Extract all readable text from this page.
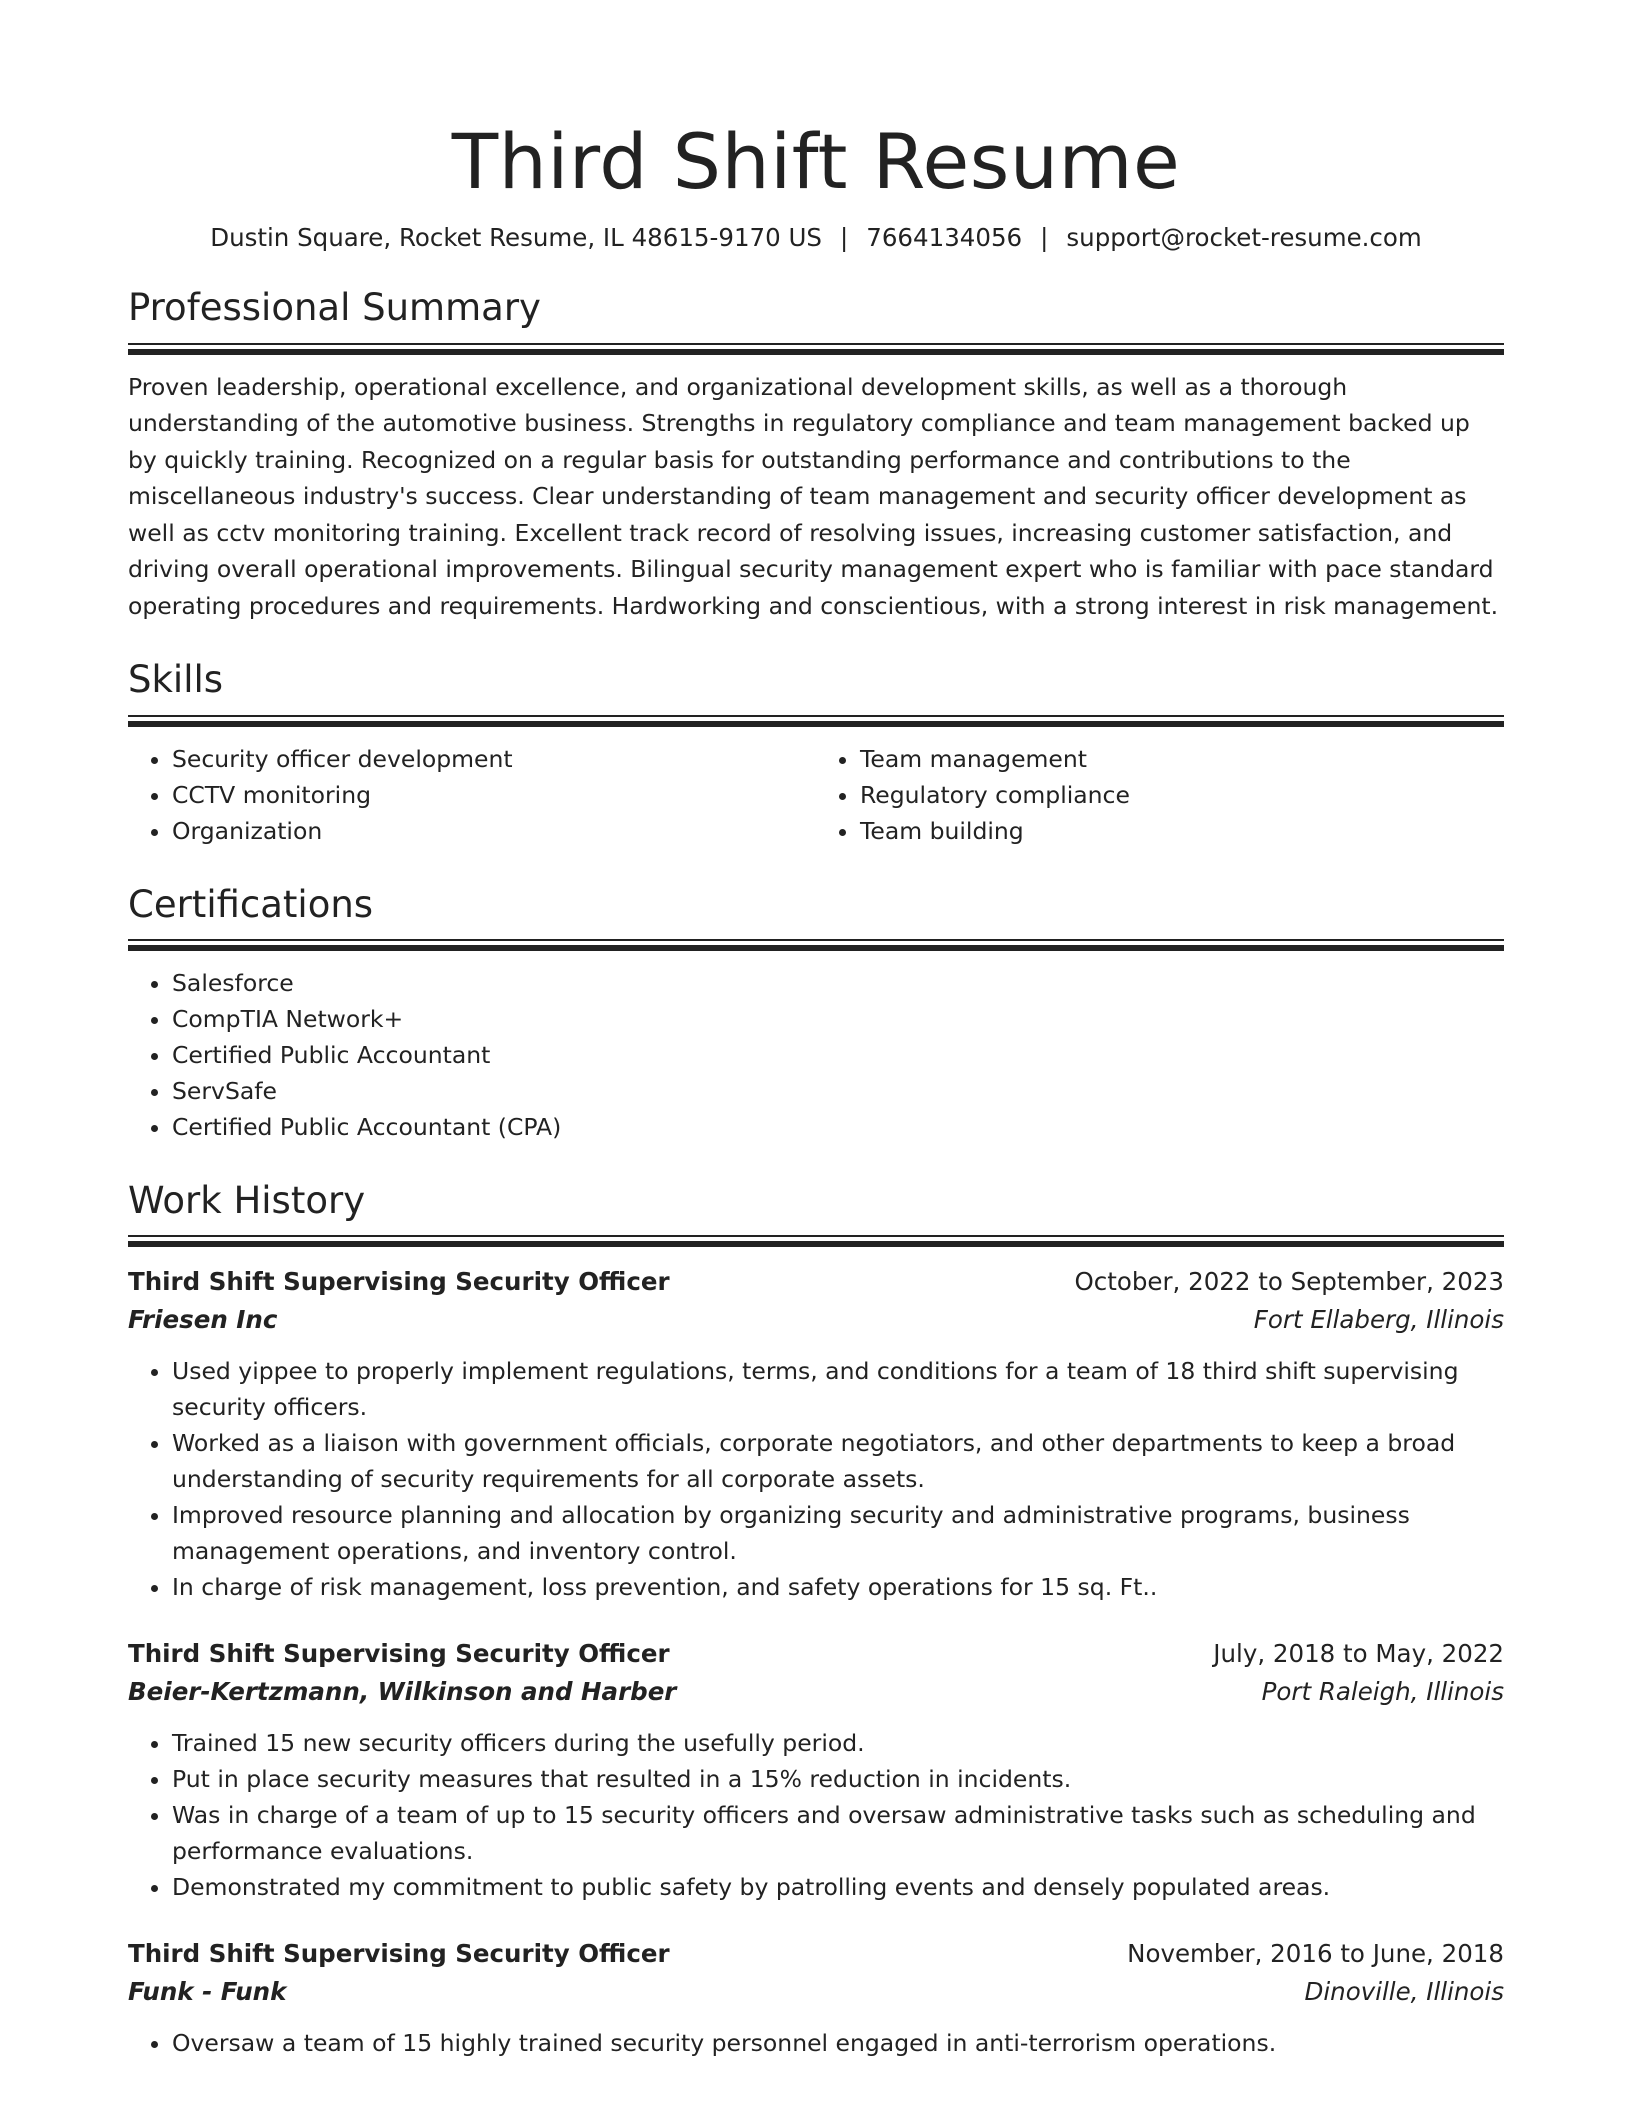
Third Shift Resume
Dustin Square, Rocket Resume, IL 48615-9170 US | 7664134056 | support@rocket-resume.com
Professional Summary
Proven leadership, operational excellence, and organizational development skills, as well as a thorough understanding of the automotive business. Strengths in regulatory compliance and team management backed up by quickly training. Recognized on a regular basis for outstanding performance and contributions to the miscellaneous industry's success. Clear understanding of team management and security officer development as well as cctv monitoring training. Excellent track record of resolving issues, increasing customer satisfaction, and driving overall operational improvements. Bilingual security management expert who is familiar with pace standard operating procedures and requirements. Hardworking and conscientious, with a strong interest in risk management.
Skills
• Security officer development
• CCTV monitoring
• Organization
• Team management
• Regulatory compliance
• Team building
Certifications
• Salesforce
• CompTIA Network+
• Certified Public Accountant
• ServSafe
• Certified Public Accountant (CPA)
Work History
Third Shift Supervising Security Officer	October, 2022 to September, 2023
Friesen Inc	Fort Ellaberg, Illinois
• Used yippee to properly implement regulations, terms, and conditions for a team of 18 third shift supervising security officers.
• Worked as a liaison with government officials, corporate negotiators, and other departments to keep a broad understanding of security requirements for all corporate assets.
• Improved resource planning and allocation by organizing security and administrative programs, business management operations, and inventory control.
• In charge of risk management, loss prevention, and safety operations for 15 sq. Ft..
Third Shift Supervising Security Officer	July, 2018 to May, 2022
Beier-Kertzmann, Wilkinson and Harber	Port Raleigh, Illinois
• Trained 15 new security officers during the usefully period.
• Put in place security measures that resulted in a 15% reduction in incidents.
• Was in charge of a team of up to 15 security officers and oversaw administrative tasks such as scheduling and performance evaluations.
• Demonstrated my commitment to public safety by patrolling events and densely populated areas.
Third Shift Supervising Security Officer	November, 2016 to June, 2018
Funk - Funk	Dinoville, Illinois
• Oversaw a team of 15 highly trained security personnel engaged in anti-terrorism operations.
